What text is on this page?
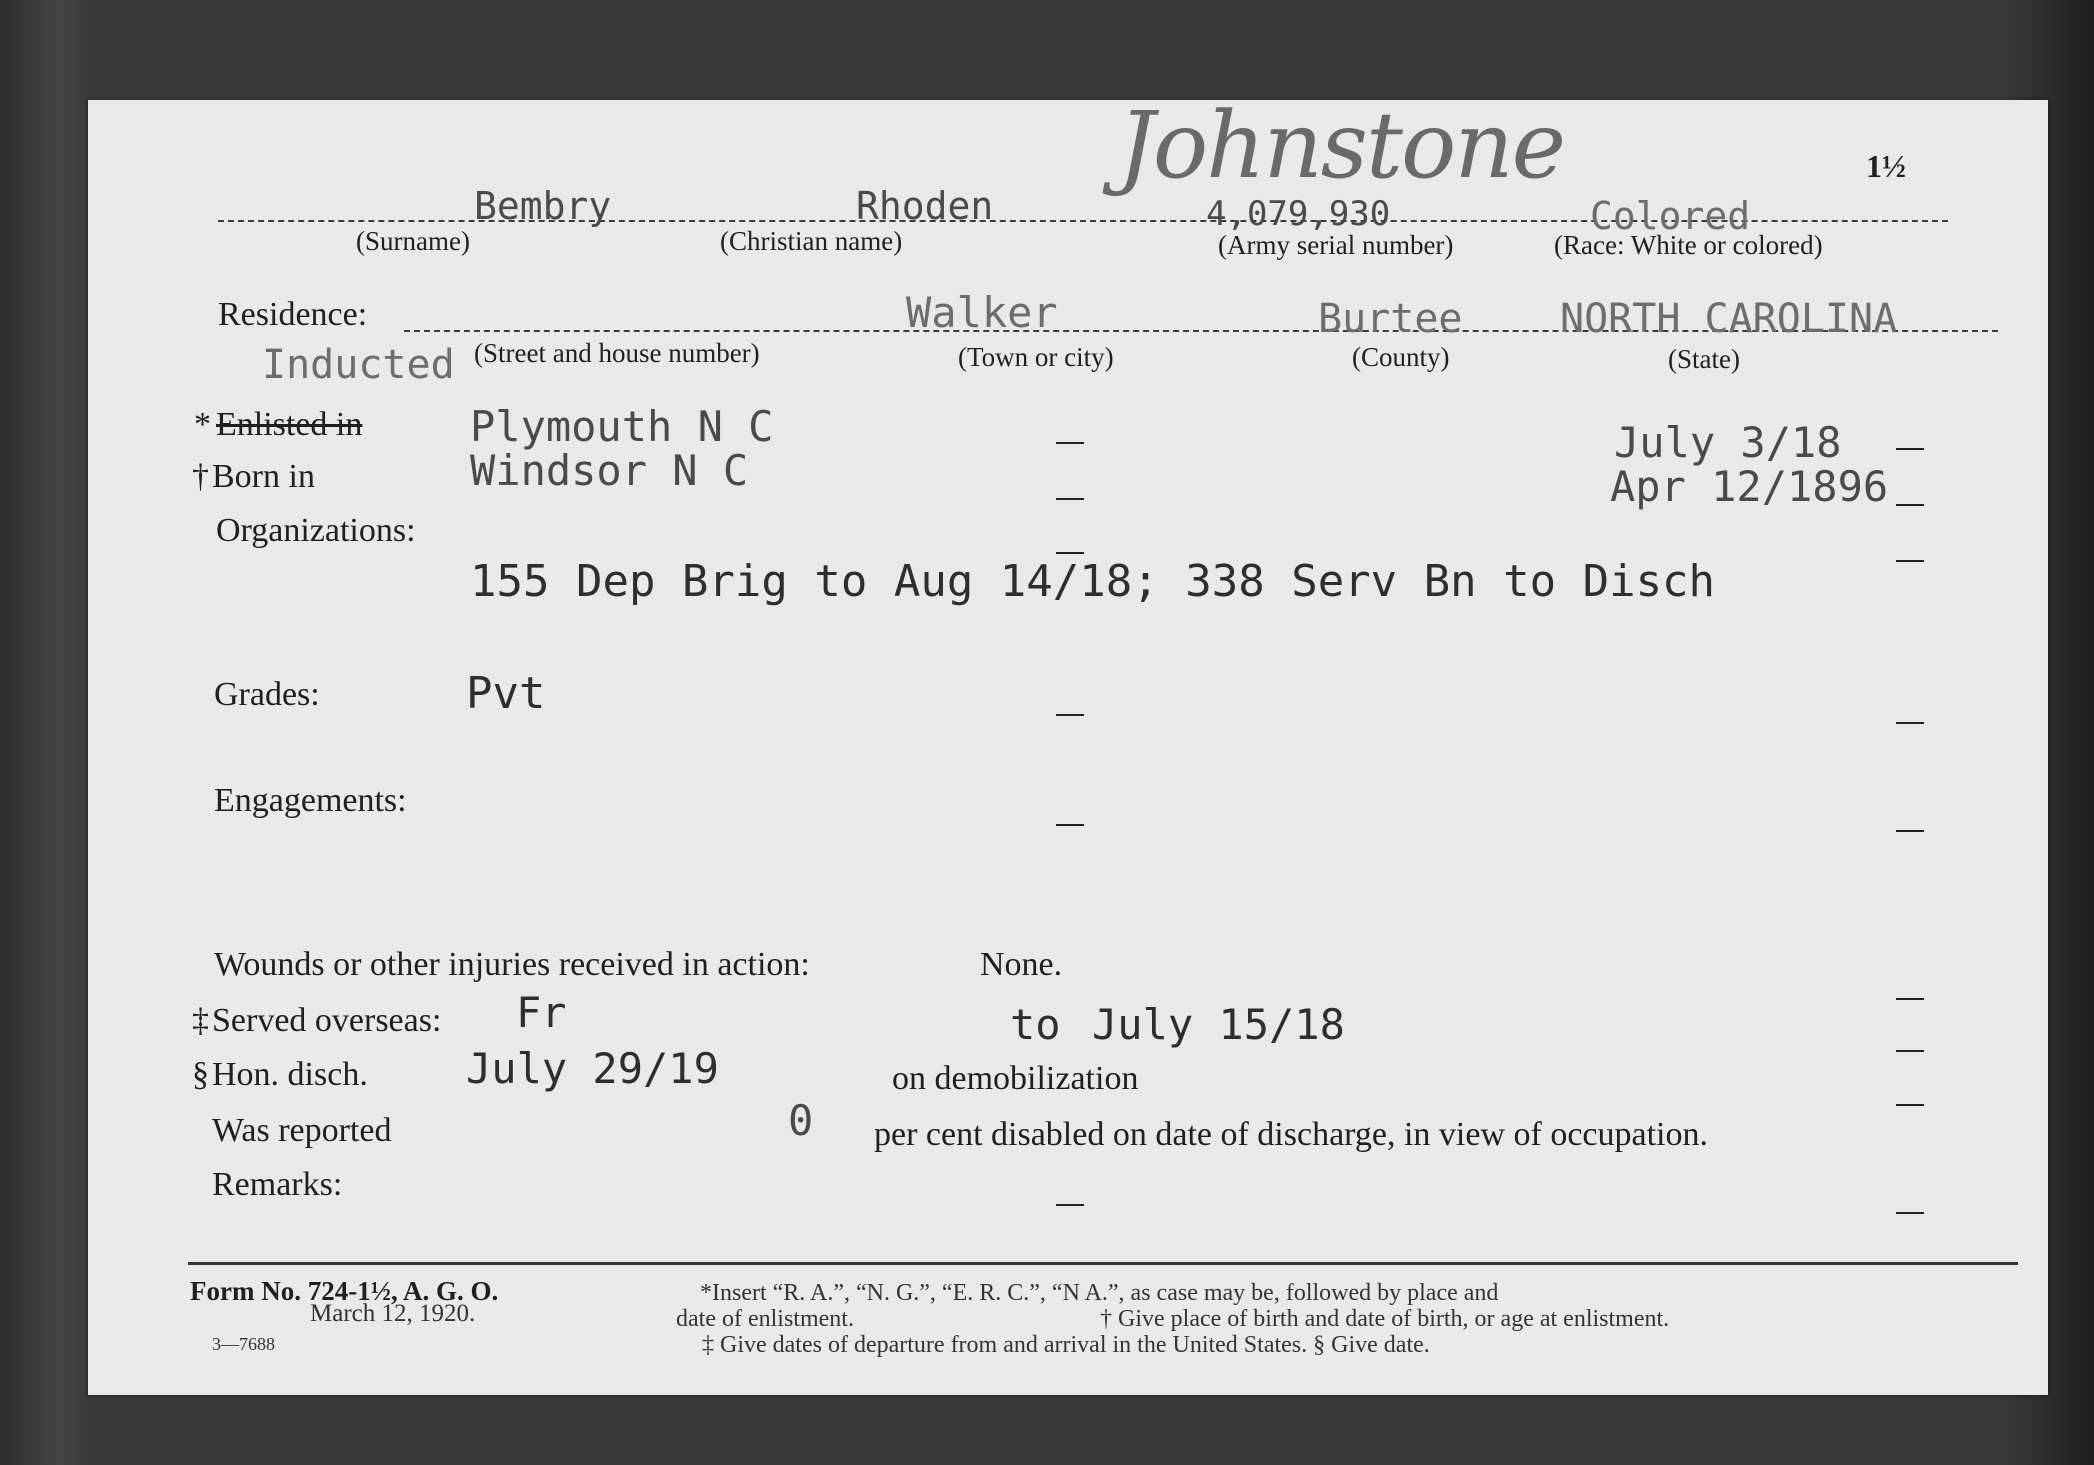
Johnstone	1½
Bembry	Rhoden	4,079,930	Colored
(Surname)	(Christian name)	(Army serial number)	(Race: White or colored)
Residence:	Walker	Burtee NORTH CAROLINA
Inducted (Street and house number)	(Town or city)	(County)	(State)
* Enlisted in	Plymouth N C	July 3/18
† Born in	Windsor N C	Apr 12/1896
Organizations:
155 Dep Brig to Aug 14/18; 338 Serv Bn to Disch
Grades:	Pvt
Engagements:
Wounds or other injuries received in action:	None.
‡ Served overseas: Fr	to July 15/18
§ Hon. disch. July 29/19	on demobilization
Was reported	0 per cent disabled on date of discharge, in view of occupation.
Remarks:
Form No. 724-1½, A. G. O.
March 12, 1920.
3—7688
*Insert “R. A.”, “N. G.”, “E. R. C.”, “N A.”, as case may be, followed by place and
date of enlistment.	† Give place of birth and date of birth, or age at enlistment.
‡ Give dates of departure from and arrival in the United States. § Give date.
